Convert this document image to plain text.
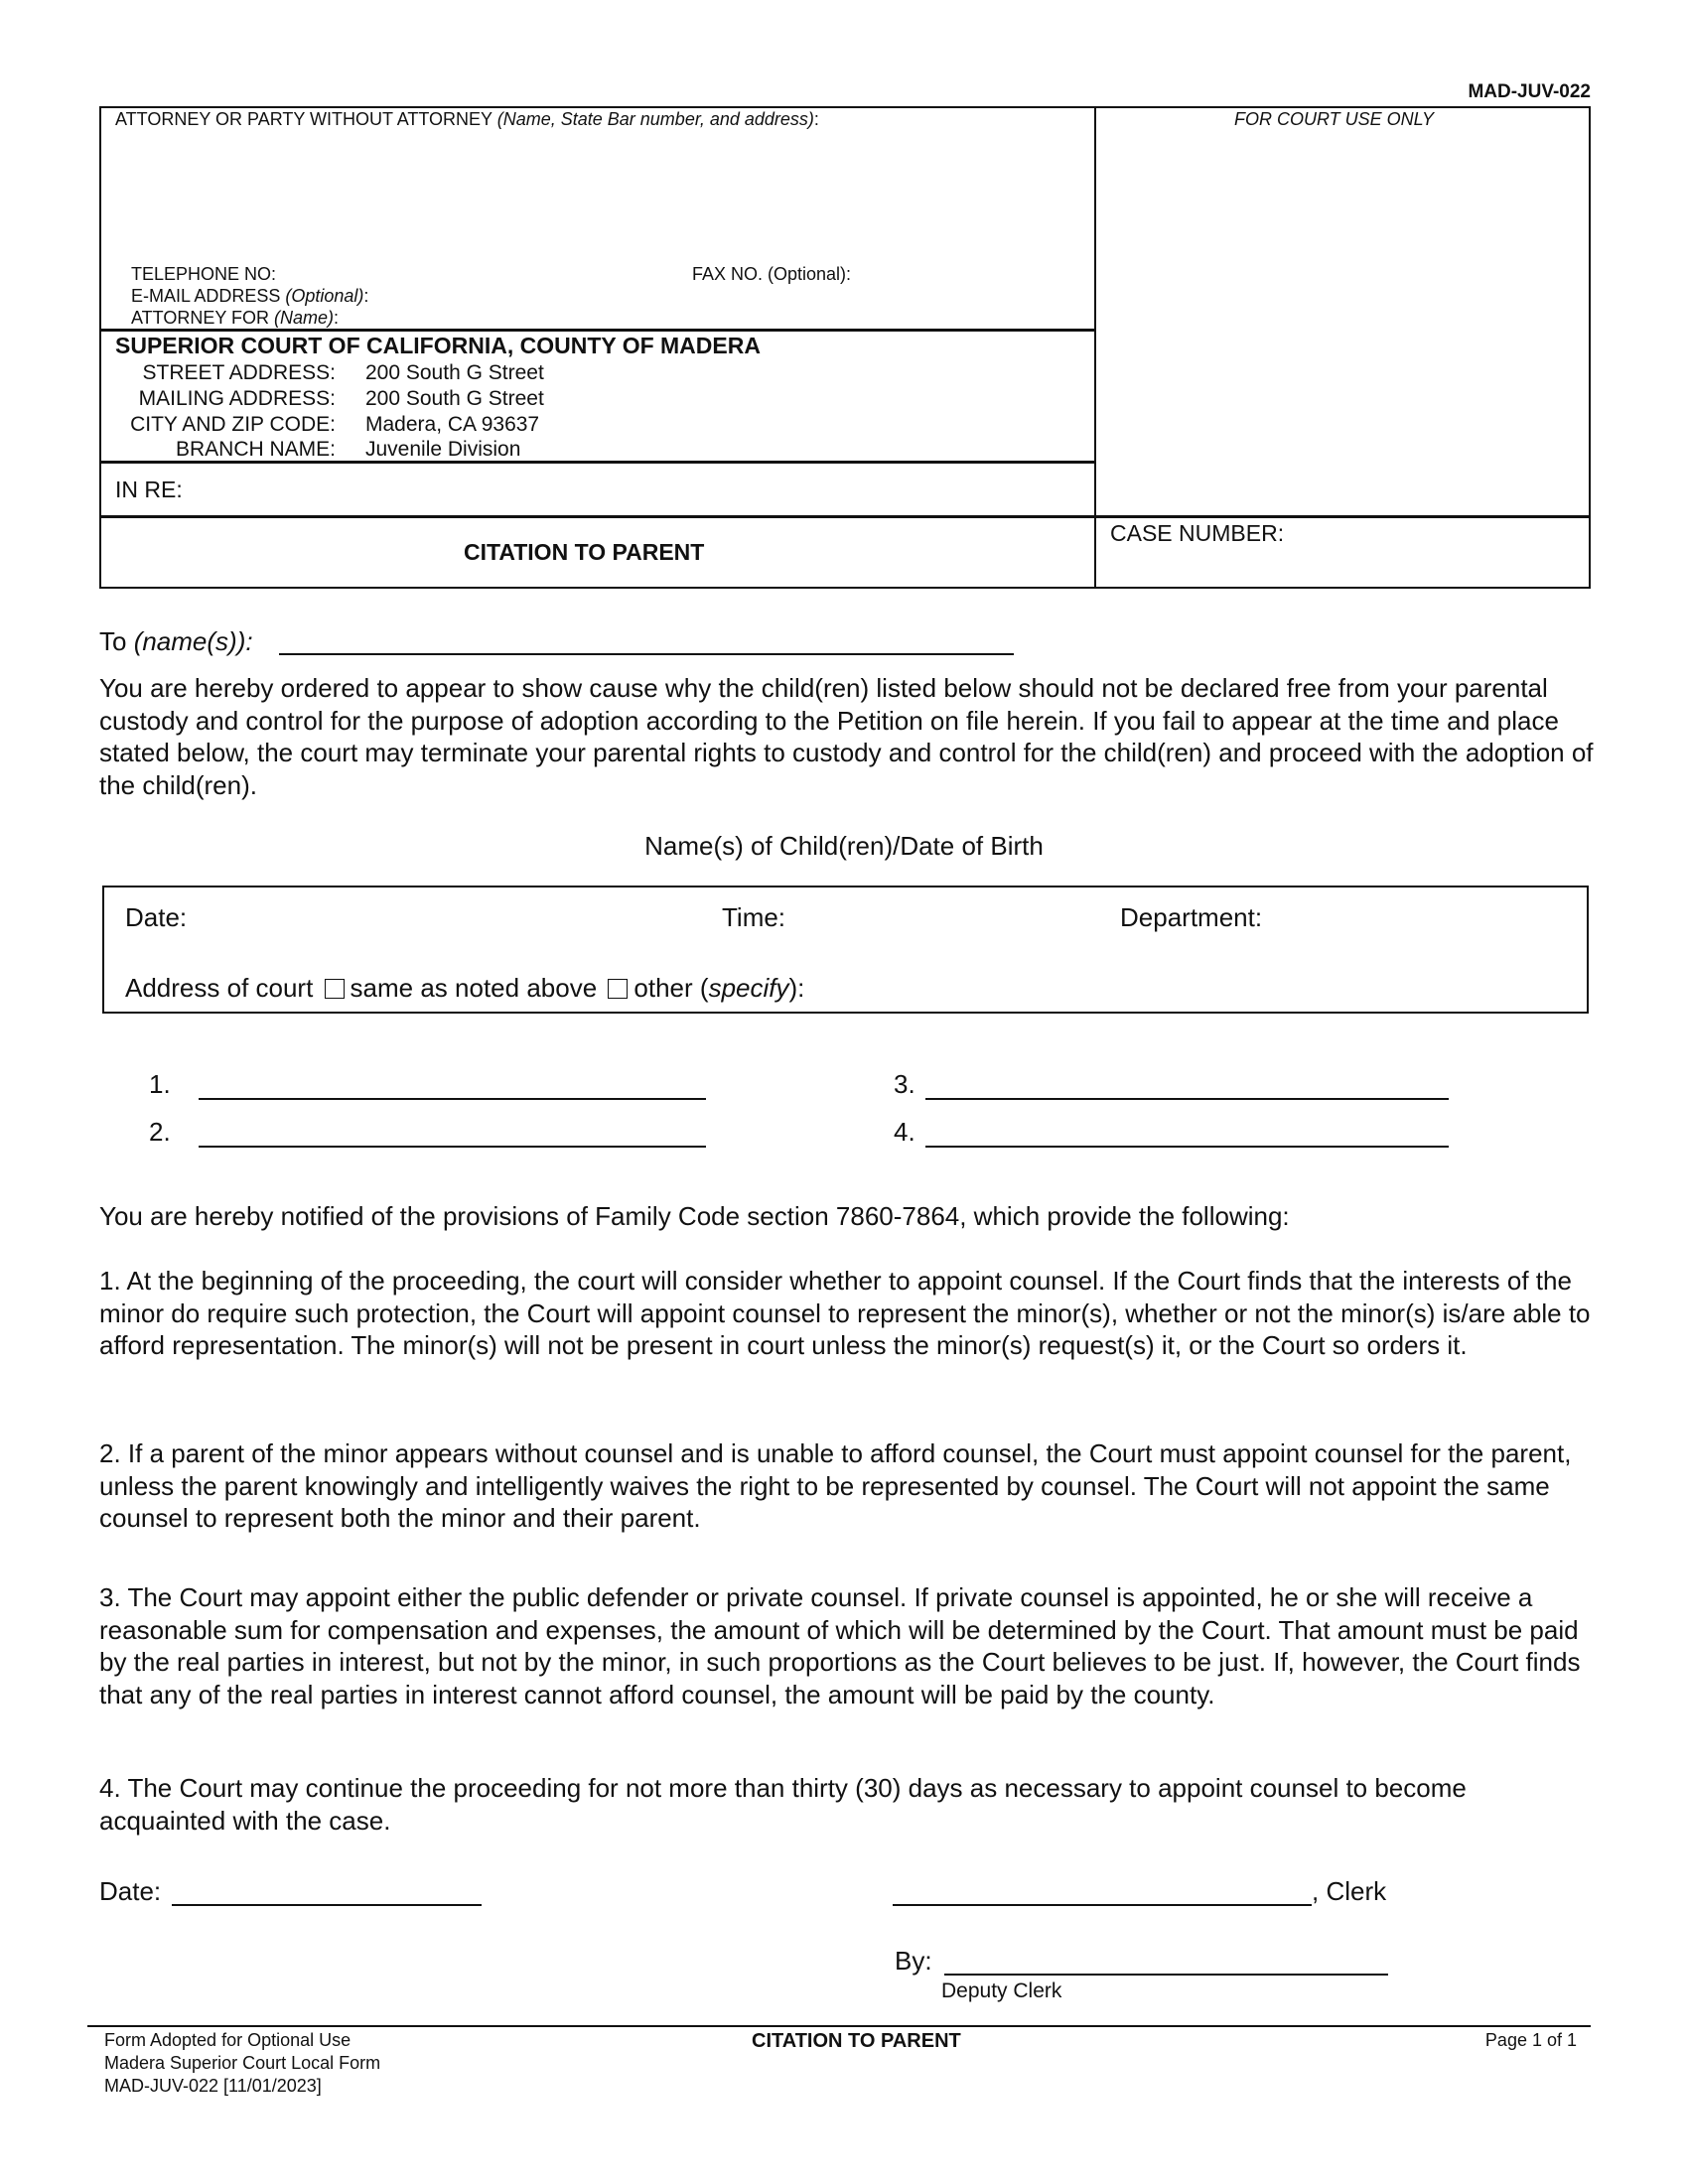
MAD-JUV-022
ATTORNEY OR PARTY WITHOUT ATTORNEY (Name, State Bar number, and address):	FOR COURT USE ONLY
TELEPHONE NO:	FAX NO. (Optional):
E-MAIL ADDRESS (Optional):
ATTORNEY FOR (Name):
SUPERIOR COURT OF CALIFORNIA, COUNTY OF MADERA
STREET ADDRESS: 200 South G Street
MAILING ADDRESS: 200 South G Street
CITY AND ZIP CODE: Madera, CA 93637
BRANCH NAME: Juvenile Division
IN RE:
CITATION TO PARENT
CASE NUMBER:
To (name(s)):
You are hereby ordered to appear to show cause why the child(ren) listed below should not be declared free from your parental custody and control for the purpose of adoption according to the Petition on file herein. If you fail to appear at the time and place stated below, the court may terminate your parental rights to custody and control for the child(ren) and proceed with the adoption of the child(ren).
Name(s) of Child(ren)/Date of Birth
Date:	Time:	Department:
Address of court same as noted above other (specify):
1.
2.
3.
4.
You are hereby notified of the provisions of Family Code section 7860-7864, which provide the following:
1. At the beginning of the proceeding, the court will consider whether to appoint counsel. If the Court finds that the interests of the minor do require such protection, the Court will appoint counsel to represent the minor(s), whether or not the minor(s) is/are able to afford representation. The minor(s) will not be present in court unless the minor(s) request(s) it, or the Court so orders it.
2. If a parent of the minor appears without counsel and is unable to afford counsel, the Court must appoint counsel for the parent, unless the parent knowingly and intelligently waives the right to be represented by counsel. The Court will not appoint the same counsel to represent both the minor and their parent.
3. The Court may appoint either the public defender or private counsel. If private counsel is appointed, he or she will receive a reasonable sum for compensation and expenses, the amount of which will be determined by the Court. That amount must be paid by the real parties in interest, but not by the minor, in such proportions as the Court believes to be just. If, however, the Court finds that any of the real parties in interest cannot afford counsel, the amount will be paid by the county.
4. The Court may continue the proceeding for not more than thirty (30) days as necessary to appoint counsel to become acquainted with the case.
Date:	, Clerk
By:
Deputy Clerk
Form Adopted for Optional Use
Madera Superior Court Local Form
MAD-JUV-022 [11/01/2023]
CITATION TO PARENT	Page 1 of 1
